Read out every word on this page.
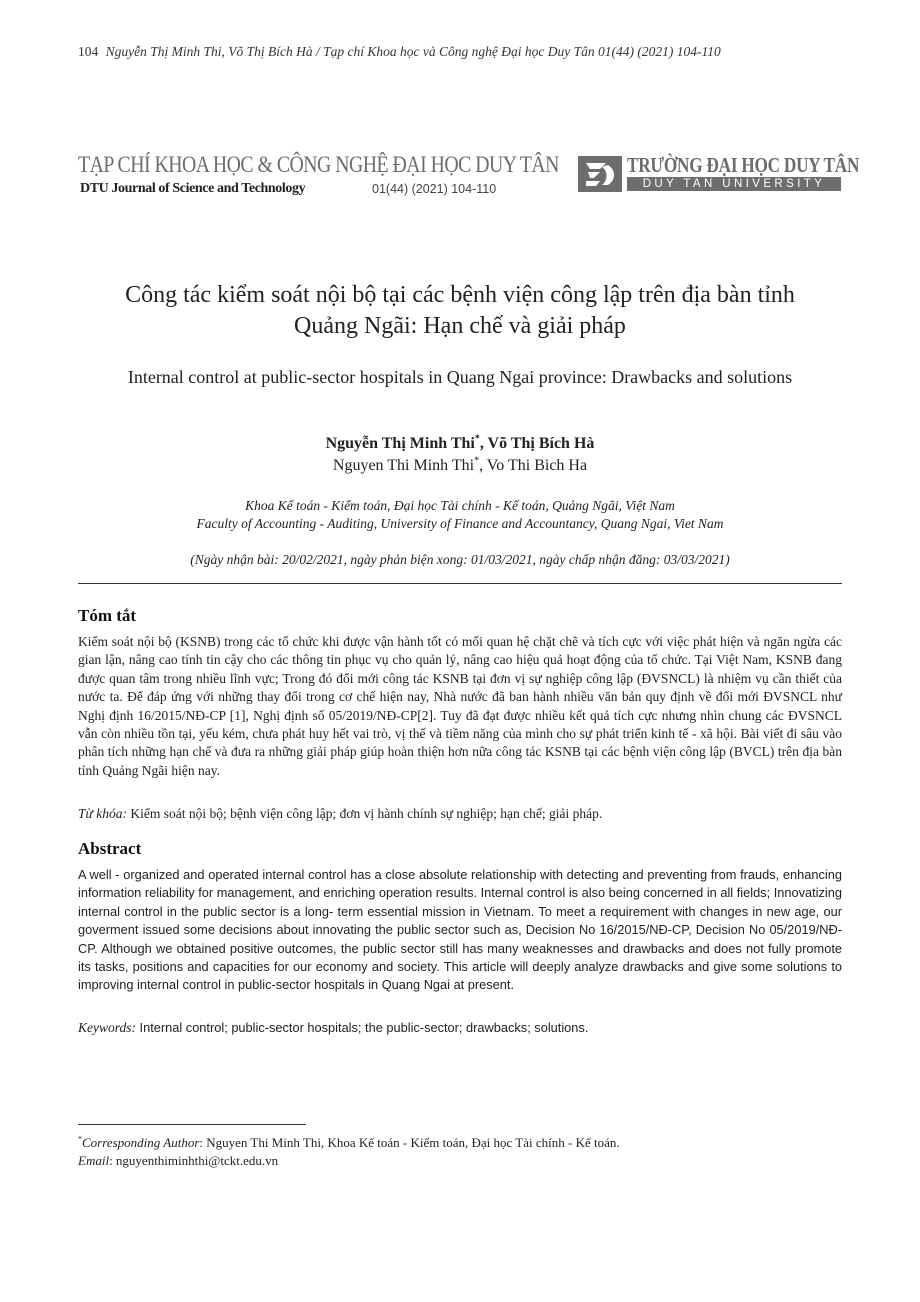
104 Nguyễn Thị Minh Thi, Võ Thị Bích Hà / Tạp chí Khoa học và Công nghệ Đại học Duy Tân 01(44) (2021) 104-110
TẠP CHÍ KHOA HỌC & CÔNG NGHỆ ĐẠI HỌC DUY TÂN
DTU Journal of Science and Technology	01(44) (2021) 104-110
TRƯỜNG ĐẠI HỌC DUY TÂN
DUY TAN UNIVERSITY
Công tác kiểm soát nội bộ tại các bệnh viện công lập trên địa bàn tỉnh
Quảng Ngãi: Hạn chế và giải pháp
Internal control at public-sector hospitals in Quang Ngai province: Drawbacks and solutions
Nguyễn Thị Minh Thi*, Võ Thị Bích Hà
Nguyen Thi Minh Thi*, Vo Thi Bich Ha
Khoa Kế toán - Kiểm toán, Đại học Tài chính - Kế toán, Quảng Ngãi, Việt Nam
Faculty of Accounting - Auditing, University of Finance and Accountancy, Quang Ngai, Viet Nam
(Ngày nhận bài: 20/02/2021, ngày phản biện xong: 01/03/2021, ngày chấp nhận đăng: 03/03/2021)
Tóm tắt
Kiểm soát nội bộ (KSNB) trong các tổ chức khi được vận hành tốt có mối quan hệ chặt chẽ và tích cực với việc phát hiện và ngăn ngừa các gian lận, nâng cao tính tin cậy cho các thông tin phục vụ cho quản lý, nâng cao hiệu quả hoạt động của tổ chức. Tại Việt Nam, KSNB đang được quan tâm trong nhiều lĩnh vực; Trong đó đổi mới công tác KSNB tại đơn vị sự nghiệp công lập (ĐVSNCL) là nhiệm vụ cần thiết của nước ta. Để đáp ứng với những thay đổi trong cơ chế hiện nay, Nhà nước đã ban hành nhiều văn bản quy định về đổi mới ĐVSNCL như Nghị định 16/2015/NĐ-CP [1], Nghị định số 05/2019/NĐ-CP[2]. Tuy đã đạt được nhiều kết quả tích cực nhưng nhìn chung các ĐVSNCL vẫn còn nhiều tồn tại, yếu kém, chưa phát huy hết vai trò, vị thế và tiềm năng của mình cho sự phát triển kinh tế - xã hội. Bài viết đi sâu vào phân tích những hạn chế và đưa ra những giải pháp giúp hoàn thiện hơn nữa công tác KSNB tại các bệnh viện công lập (BVCL) trên địa bàn tỉnh Quảng Ngãi hiện nay.
Từ khóa: Kiểm soát nội bộ; bệnh viện công lập; đơn vị hành chính sự nghiệp; hạn chế; giải pháp.
Abstract
A well - organized and operated internal control has a close absolute relationship with detecting and preventing from frauds, enhancing information reliability for management, and enriching operation results. Internal control is also being concerned in all fields; Innovatizing internal control in the public sector is a long- term essential mission in Vietnam. To meet a requirement with changes in new age, our goverment issued some decisions about innovating the public sector such as, Decision No 16/2015/NĐ-CP, Decision No 05/2019/NĐ-CP. Although we obtained positive outcomes, the public sector still has many weaknesses and drawbacks and does not fully promote its tasks, positions and capacities for our economy and society. This article will deeply analyze drawbacks and give some solutions to improving internal control in public-sector hospitals in Quang Ngai at present.
Keywords: Internal control; public-sector hospitals; the public-sector; drawbacks; solutions.
*Corresponding Author: Nguyen Thi Minh Thi, Khoa Kế toán - Kiểm toán, Đại học Tài chính - Kế toán.
Email: nguyenthiminhthi@tckt.edu.vn
